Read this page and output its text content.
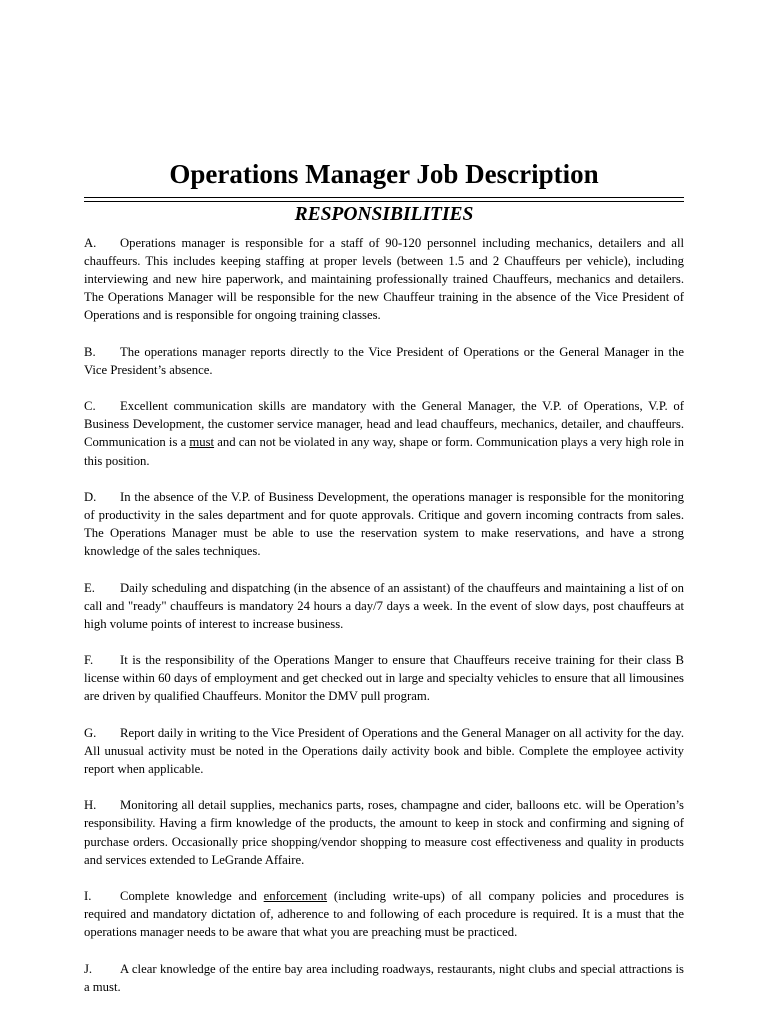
Operations Manager Job Description
RESPONSIBILITIES

A. Operations manager is responsible for a staff of 90-120 personnel including mechanics, detailers and all chauffeurs. This includes keeping staffing at proper levels (between 1.5 and 2 Chauffeurs per vehicle), including interviewing and new hire paperwork, and maintaining professionally trained Chauffeurs, mechanics and detailers. The Operations Manager will be responsible for the new Chauffeur training in the absence of the Vice President of Operations and is responsible for ongoing training classes.

B. The operations manager reports directly to the Vice President of Operations or the General Manager in the Vice President’s absence.

C. Excellent communication skills are mandatory with the General Manager, the V.P. of Operations, V.P. of Business Development, the customer service manager, head and lead chauffeurs, mechanics, detailer, and chauffeurs. Communication is a must and can not be violated in any way, shape or form. Communication plays a very high role in this position.

D. In the absence of the V.P. of Business Development, the operations manager is responsible for the monitoring of productivity in the sales department and for quote approvals. Critique and govern incoming contracts from sales. The Operations Manager must be able to use the reservation system to make reservations, and have a strong knowledge of the sales techniques.

E. Daily scheduling and dispatching (in the absence of an assistant) of the chauffeurs and maintaining a list of on call and "ready" chauffeurs is mandatory 24 hours a day/7 days a week. In the event of slow days, post chauffeurs at high volume points of interest to increase business.

F. It is the responsibility of the Operations Manger to ensure that Chauffeurs receive training for their class B license within 60 days of employment and get checked out in large and specialty vehicles to ensure that all limousines are driven by qualified Chauffeurs. Monitor the DMV pull program.

G. Report daily in writing to the Vice President of Operations and the General Manager on all activity for the day. All unusual activity must be noted in the Operations daily activity book and bible. Complete the employee activity report when applicable.

H. Monitoring all detail supplies, mechanics parts, roses, champagne and cider, balloons etc. will be Operation’s responsibility. Having a firm knowledge of the products, the amount to keep in stock and confirming and signing of purchase orders. Occasionally price shopping/vendor shopping to measure cost effectiveness and quality in products and services extended to LeGrande Affaire.

I. Complete knowledge and enforcement (including write-ups) of all company policies and procedures is required and mandatory dictation of, adherence to and following of each procedure is required. It is a must that the operations manager needs to be aware that what you are preaching must be practiced.

J. A clear knowledge of the entire bay area including roadways, restaurants, night clubs and special attractions is a must.
